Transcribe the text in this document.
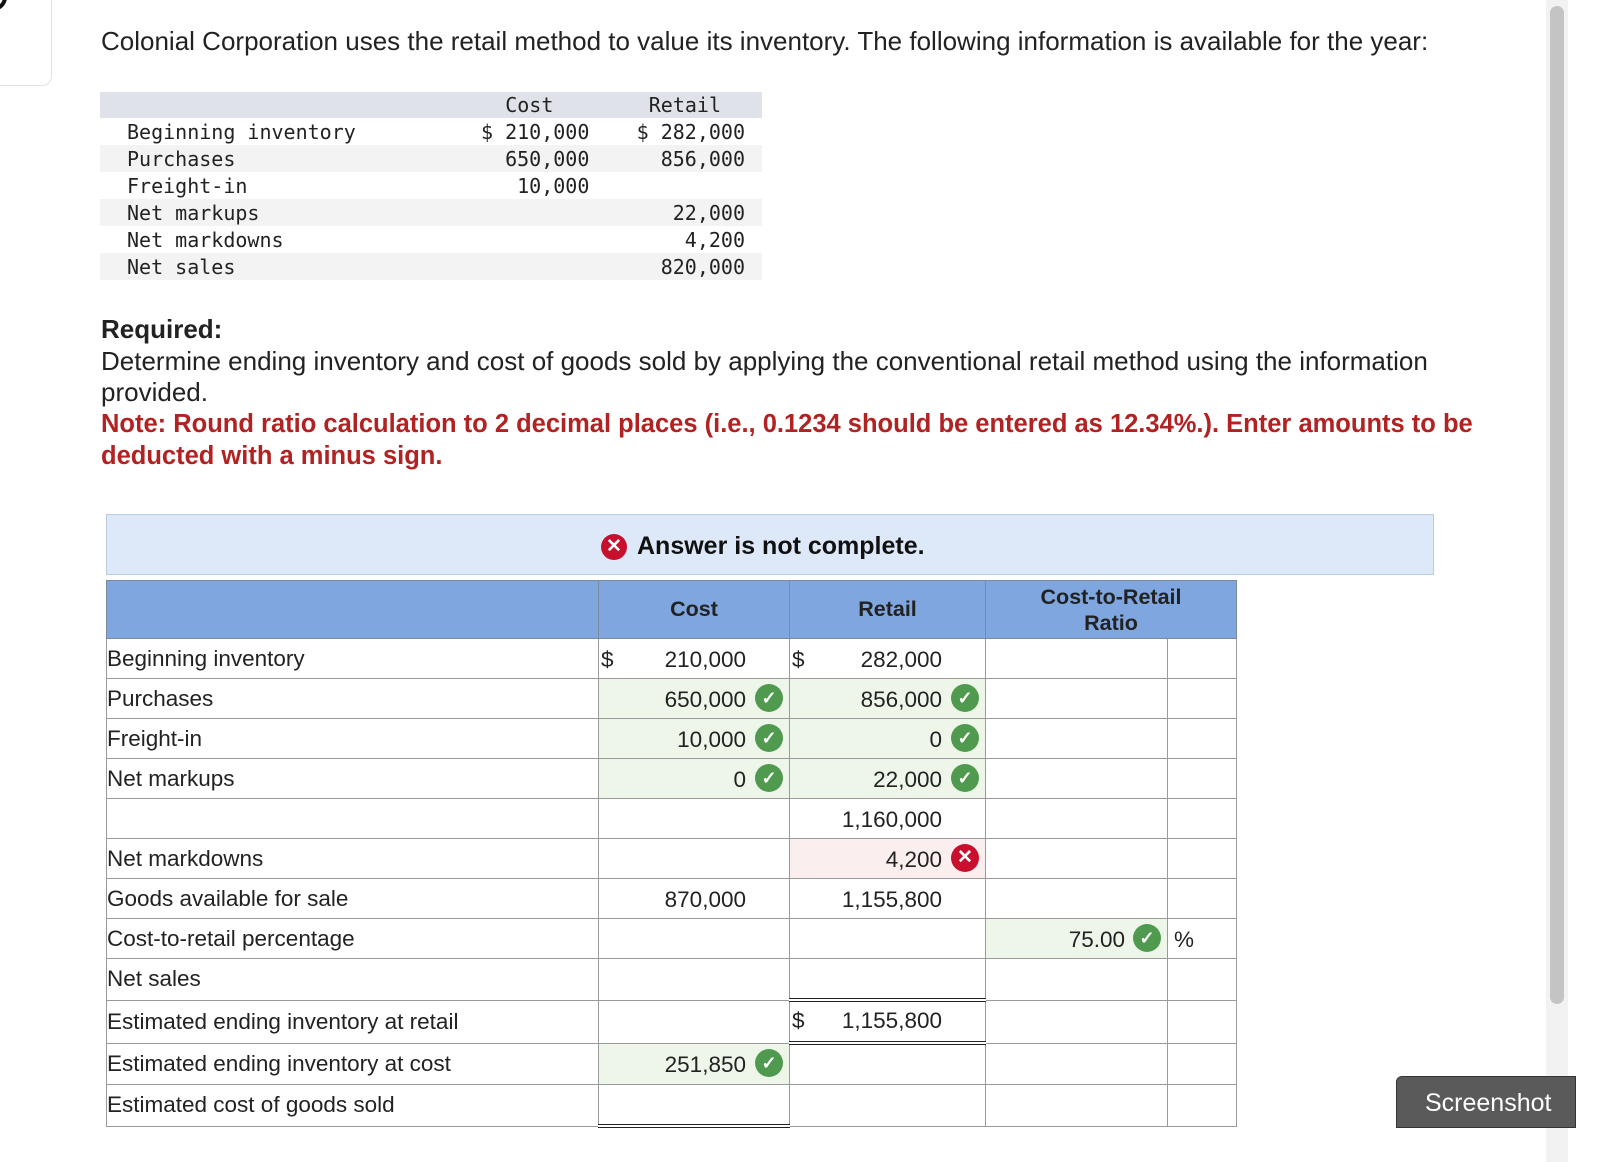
Colonial Corporation uses the retail method to value its inventory. The following information is available for the year:
	Cost	Retail
Beginning inventory	$ 210,000	$ 282,000
Purchases	650,000	856,000
Freight-in	10,000	
Net markups		22,000
Net markdowns		4,200
Net sales		820,000
Required:
Determine ending inventory and cost of goods sold by applying the conventional retail method using the information provided.
Note: Round ratio calculation to 2 decimal places (i.e., 0.1234 should be entered as 12.34%.). Enter amounts to be deducted with a minus sign.
✕ Answer is not complete.
	Cost	Retail	Cost-to-Retail Ratio	
Beginning inventory	$ 210,000	$ 282,000		

Purchases	650,000 ✓	856,000 ✓		

Freight-in	10,000 ✓	0 ✓		

Net markups	0 ✓	22,000 ✓		

		1,160,000		

Net markdowns		4,200 ✕		

Goods available for sale	870,000	1,155,800		

Cost-to-retail percentage			75.00 ✓	%

Net sales				
Estimated ending inventory at retail		$ 1,155,800		

Estimated ending inventory at cost	251,850 ✓			

Estimated cost of goods sold					Screenshot
